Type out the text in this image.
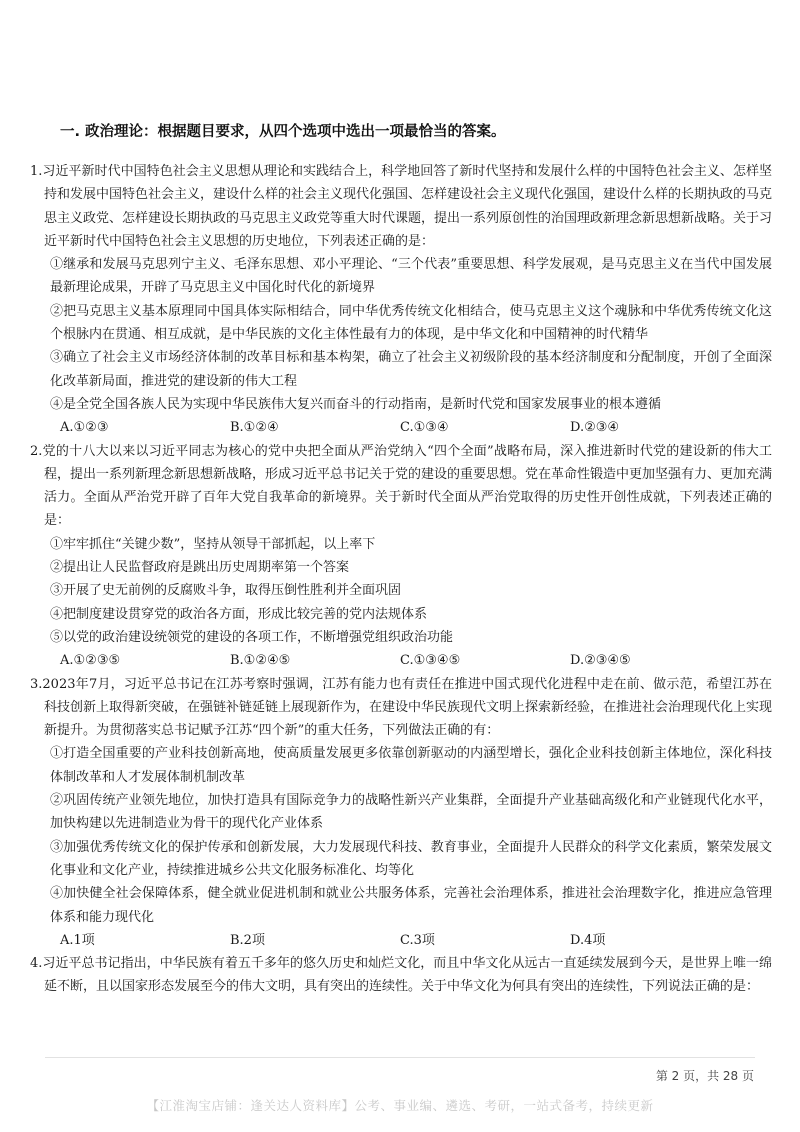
一. 政治理论：根据题目要求，从四个选项中选出一项最恰当的答案。

1.习近平新时代中国特色社会主义思想从理论和实践结合上，科学地回答了新时代坚持和发展什么样的中国特色社会主义、怎样坚持和发展中国特色社会主义，建设什么样的社会主义现代化强国、怎样建设社会主义现代化强国，建设什么样的长期执政的马克思主义政党、怎样建设长期执政的马克思主义政党等重大时代课题，提出一系列原创性的治国理政新理念新思想新战略。关于习近平新时代中国特色社会主义思想的历史地位，下列表述正确的是：

①继承和发展马克思列宁主义、毛泽东思想、邓小平理论、“三个代表”重要思想、科学发展观，是马克思主义在当代中国发展最新理论成果，开辟了马克思主义中国化时代化的新境界

②把马克思主义基本原理同中国具体实际相结合，同中华优秀传统文化相结合，使马克思主义这个魂脉和中华优秀传统文化这个根脉内在贯通、相互成就，是中华民族的文化主体性最有力的体现，是中华文化和中国精神的时代精华

③确立了社会主义市场经济体制的改革目标和基本构架，确立了社会主义初级阶段的基本经济制度和分配制度，开创了全面深化改革新局面，推进党的建设新的伟大工程

④是全党全国各族人民为实现中华民族伟大复兴而奋斗的行动指南，是新时代党和国家发展事业的根本遵循

A.①②③	B.①②④	C.①③④	D.②③④

2.党的十八大以来以习近平同志为核心的党中央把全面从严治党纳入“四个全面”战略布局，深入推进新时代党的建设新的伟大工程，提出一系列新理念新思想新战略，形成习近平总书记关于党的建设的重要思想。党在革命性锻造中更加坚强有力、更加充满活力。全面从严治党开辟了百年大党自我革命的新境界。关于新时代全面从严治党取得的历史性开创性成就，下列表述正确的是：

①牢牢抓住“关键少数”，坚持从领导干部抓起，以上率下

②提出让人民监督政府是跳出历史周期率第一个答案

③开展了史无前例的反腐败斗争，取得压倒性胜利并全面巩固

④把制度建设贯穿党的政治各方面，形成比较完善的党内法规体系

⑤以党的政治建设统领党的建设的各项工作，不断增强党组织政治功能

A.①②③⑤	B.①②④⑤	C.①③④⑤	D.②③④⑤

3.2023年7月，习近平总书记在江苏考察时强调，江苏有能力也有责任在推进中国式现代化进程中走在前、做示范，希望江苏在科技创新上取得新突破，在强链补链延链上展现新作为，在建设中华民族现代文明上探索新经验，在推进社会治理现代化上实现新提升。为贯彻落实总书记赋予江苏“四个新”的重大任务，下列做法正确的有：

①打造全国重要的产业科技创新高地，使高质量发展更多依靠创新驱动的内涵型增长，强化企业科技创新主体地位，深化科技体制改革和人才发展体制机制改革

②巩固传统产业领先地位，加快打造具有国际竞争力的战略性新兴产业集群，全面提升产业基础高级化和产业链现代化水平，加快构建以先进制造业为骨干的现代化产业体系

③加强优秀传统文化的保护传承和创新发展，大力发展现代科技、教育事业，全面提升人民群众的科学文化素质，繁荣发展文化事业和文化产业，持续推进城乡公共文化服务标准化、均等化

④加快健全社会保障体系，健全就业促进机制和就业公共服务体系，完善社会治理体系，推进社会治理数字化，推进应急管理体系和能力现代化

A.1项	B.2项	C.3项	D.4项

4.习近平总书记指出，中华民族有着五千多年的悠久历史和灿烂文化，而且中华文化从远古一直延续发展到今天，是世界上唯一绵延不断，且以国家形态发展至今的伟大文明，具有突出的连续性。关于中华文化为何具有突出的连续性，下列说法正确的是：

第 2 页，共 28 页
【江淮淘宝店铺：逢关达人资料库】公考、事业编、遴选、考研，一站式备考，持续更新
